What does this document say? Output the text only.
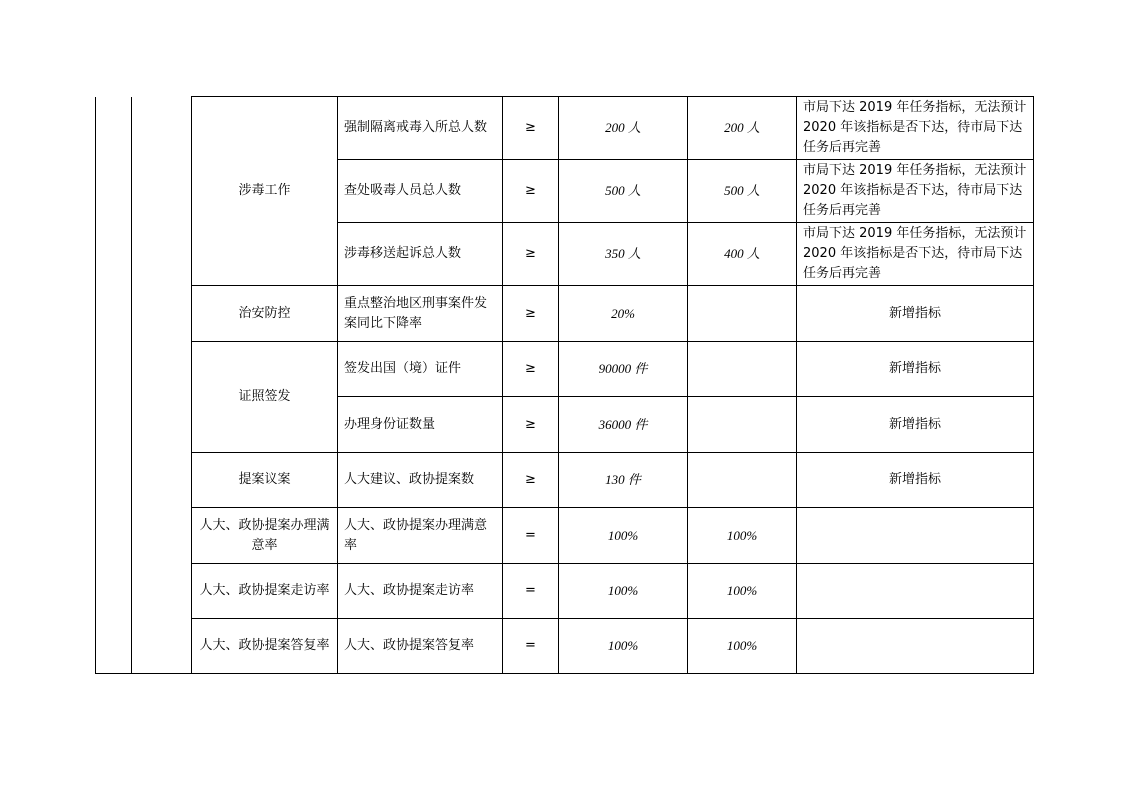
		涉毒工作	强制隔离戒毒入所总人数	≥	200 人	200 人	市局下达 2019 年任务指标，无法预计 2020 年该指标是否下达，待市局下达任务后再完善
			查处吸毒人员总人数	≥	500 人	500 人	市局下达 2019 年任务指标，无法预计 2020 年该指标是否下达，待市局下达任务后再完善
			涉毒移送起诉总人数	≥	350 人	400 人	市局下达 2019 年任务指标，无法预计 2020 年该指标是否下达，待市局下达任务后再完善
		治安防控	重点整治地区刑事案件发案同比下降率	≥	20%		新增指标
		证照签发	签发出国（境）证件	≥	90000 件		新增指标
			办理身份证数量	≥	36000 件		新增指标
		提案议案	人大建议、政协提案数	≥	130 件		新增指标
		人大、政协提案办理满意率	人大、政协提案办理满意率	=	100%	100%	
		人大、政协提案走访率	人大、政协提案走访率	=	100%	100%	
		人大、政协提案答复率	人大、政协提案答复率	=	100%	100%	
